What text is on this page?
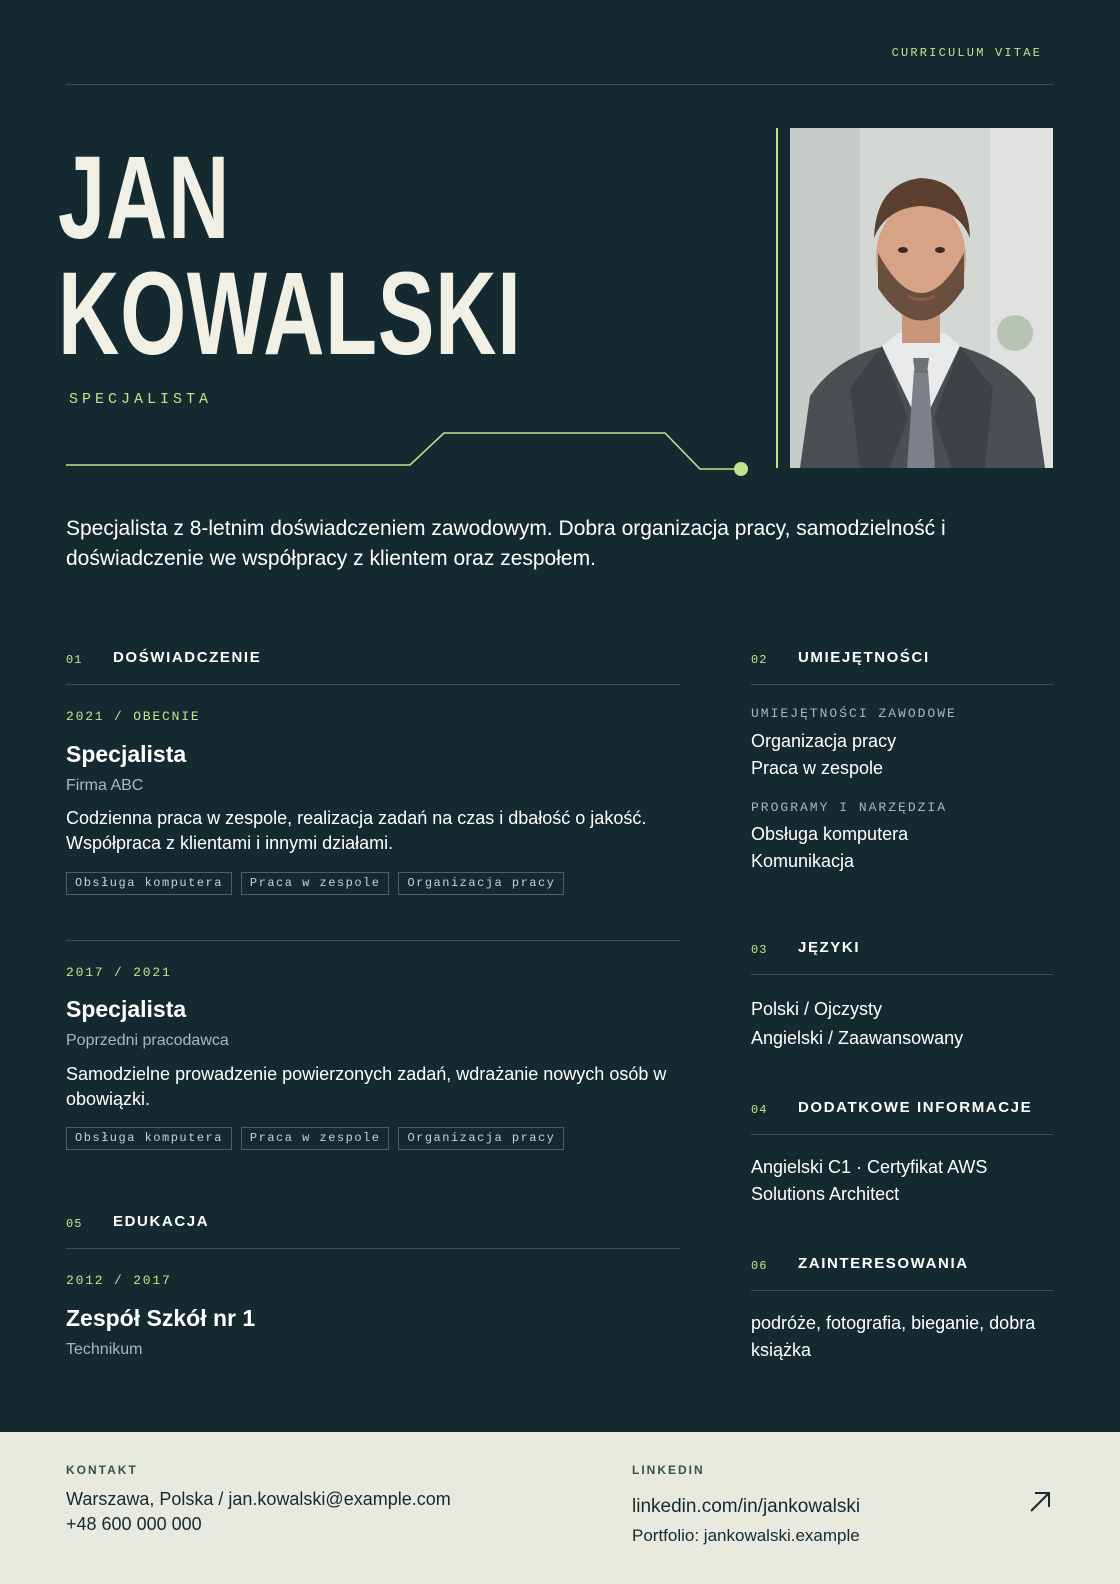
CURRICULUM VITAE
JAN
KOWALSKI
SPECJALISTA
Specjalista z 8-letnim doświadczeniem zawodowym. Dobra organizacja pracy, samodzielność i doświadczenie we współpracy z klientem oraz zespołem.
01 DOŚWIADCZENIE
2021 / OBECNIE
Specjalista
Firma ABC
Codzienna praca w zespole, realizacja zadań na czas i dbałość o jakość. Współpraca z klientami i innymi działami.
Obsługa komputera	Praca w zespole	Organizacja pracy
2017 / 2021
Specjalista
Poprzedni pracodawca
Samodzielne prowadzenie powierzonych zadań, wdrażanie nowych osób w obowiązki.
Obsługa komputera	Praca w zespole	Organizacja pracy
05 EDUKACJA
2012 / 2017
Zespół Szkół nr 1
Technikum
02 UMIEJĘTNOŚCI
UMIEJĘTNOŚCI ZAWODOWE
Organizacja pracy
Praca w zespole
PROGRAMY I NARZĘDZIA
Obsługa komputera
Komunikacja
03 JĘZYKI
Polski / Ojczysty
Angielski / Zaawansowany
04 DODATKOWE INFORMACJE
Angielski C1 · Certyfikat AWS Solutions Architect
06 ZAINTERESOWANIA
podróże, fotografia, bieganie, dobra książka
KONTAKT
Warszawa, Polska / jan.kowalski@example.com
+48 600 000 000
LINKEDIN
linkedin.com/in/jankowalski
Portfolio: jankowalski.example
